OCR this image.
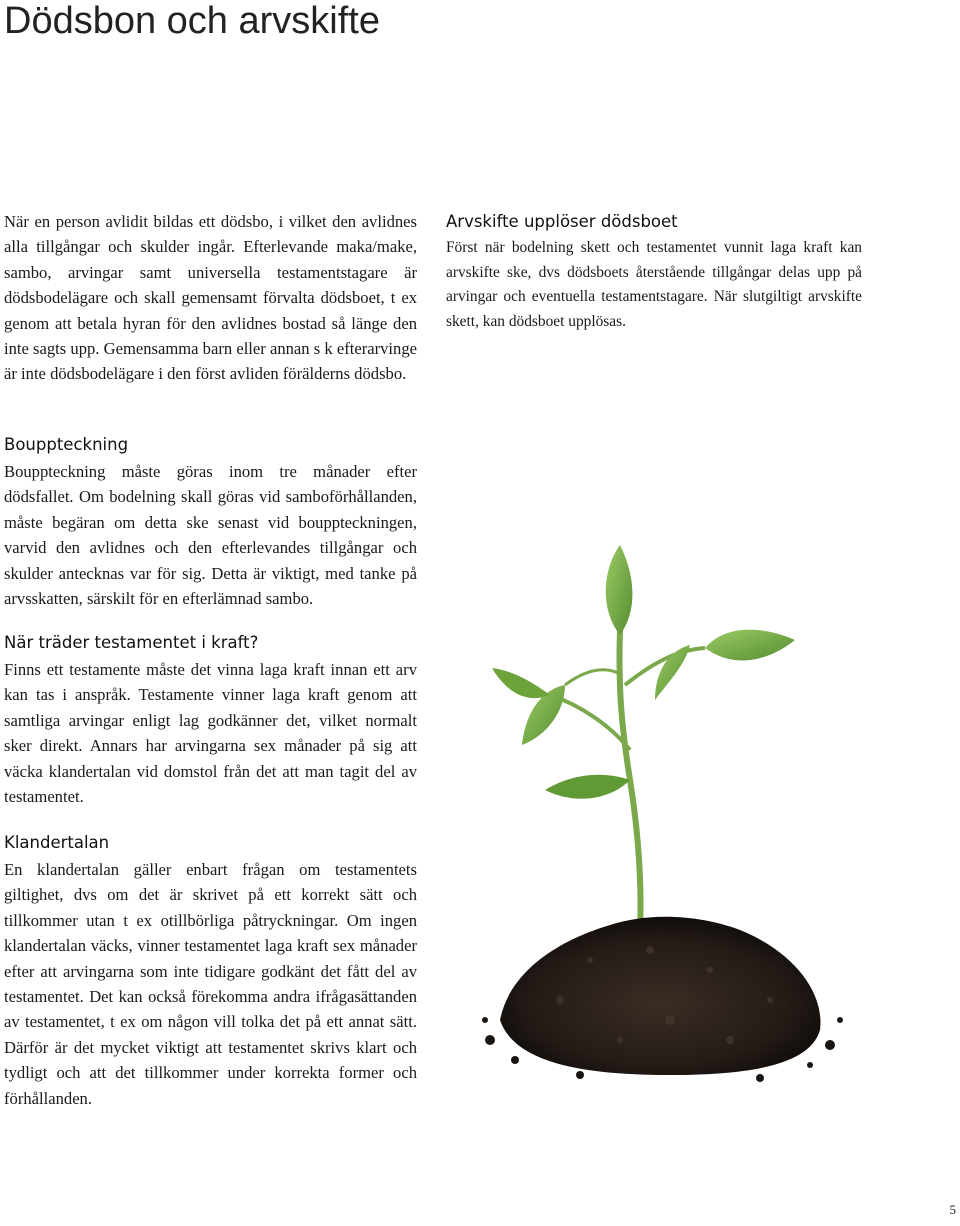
Dödsbon och arvskifte

När en person avlidit bildas ett dödsbo, i vilket den avlidnes alla tillgångar och skulder ingår. Efterlevande maka/make, sambo, arvingar samt universella testamentstagare är dödsbodelägare och skall gemensamt förvalta dödsboet, t ex genom att betala hyran för den avlidnes bostad så länge den inte sagts upp. Gemensamma barn eller annan s k efterarvinge är inte dödsbodelägare i den först avliden förälderns dödsbo.

Arvskifte upplöser dödsboet

Först när bodelning skett och testamentet vunnit laga kraft kan arvskifte ske, dvs dödsboets återstående tillgångar delas upp på arvingar och eventuella testamentstagare. När slutgiltigt arvskifte skett, kan dödsboet upplösas.

Bouppteckning

Bouppteckning måste göras inom tre månader efter dödsfallet. Om bodelning skall göras vid samboförhållanden, måste begäran om detta ske senast vid bouppteckningen, varvid den avlidnes och den efterlevandes tillgångar och skulder antecknas var för sig. Detta är viktigt, med tanke på arvsskatten, särskilt för en efterlämnad sambo.

När träder testamentet i kraft?

Finns ett testamente måste det vinna laga kraft innan ett arv kan tas i anspråk. Testamente vinner laga kraft genom att samtliga arvingar enligt lag godkänner det, vilket normalt sker direkt. Annars har arvingarna sex månader på sig att väcka klandertalan vid domstol från det att man tagit del av testamentet.

Klandertalan

En klandertalan gäller enbart frågan om testamentets giltighet, dvs om det är skrivet på ett korrekt sätt och tillkommer utan t ex otillbörliga påtryckningar. Om ingen klandertalan väcks, vinner testamentet laga kraft sex månader efter att arvingarna som inte tidigare godkänt det fått del av testamentet. Det kan också förekomma andra ifrågasättanden av testamentet, t ex om någon vill tolka det på ett annat sätt. Därför är det mycket viktigt att testamentet skrivs klart och tydligt och att det tillkommer under korrekta former och förhållanden.

5
